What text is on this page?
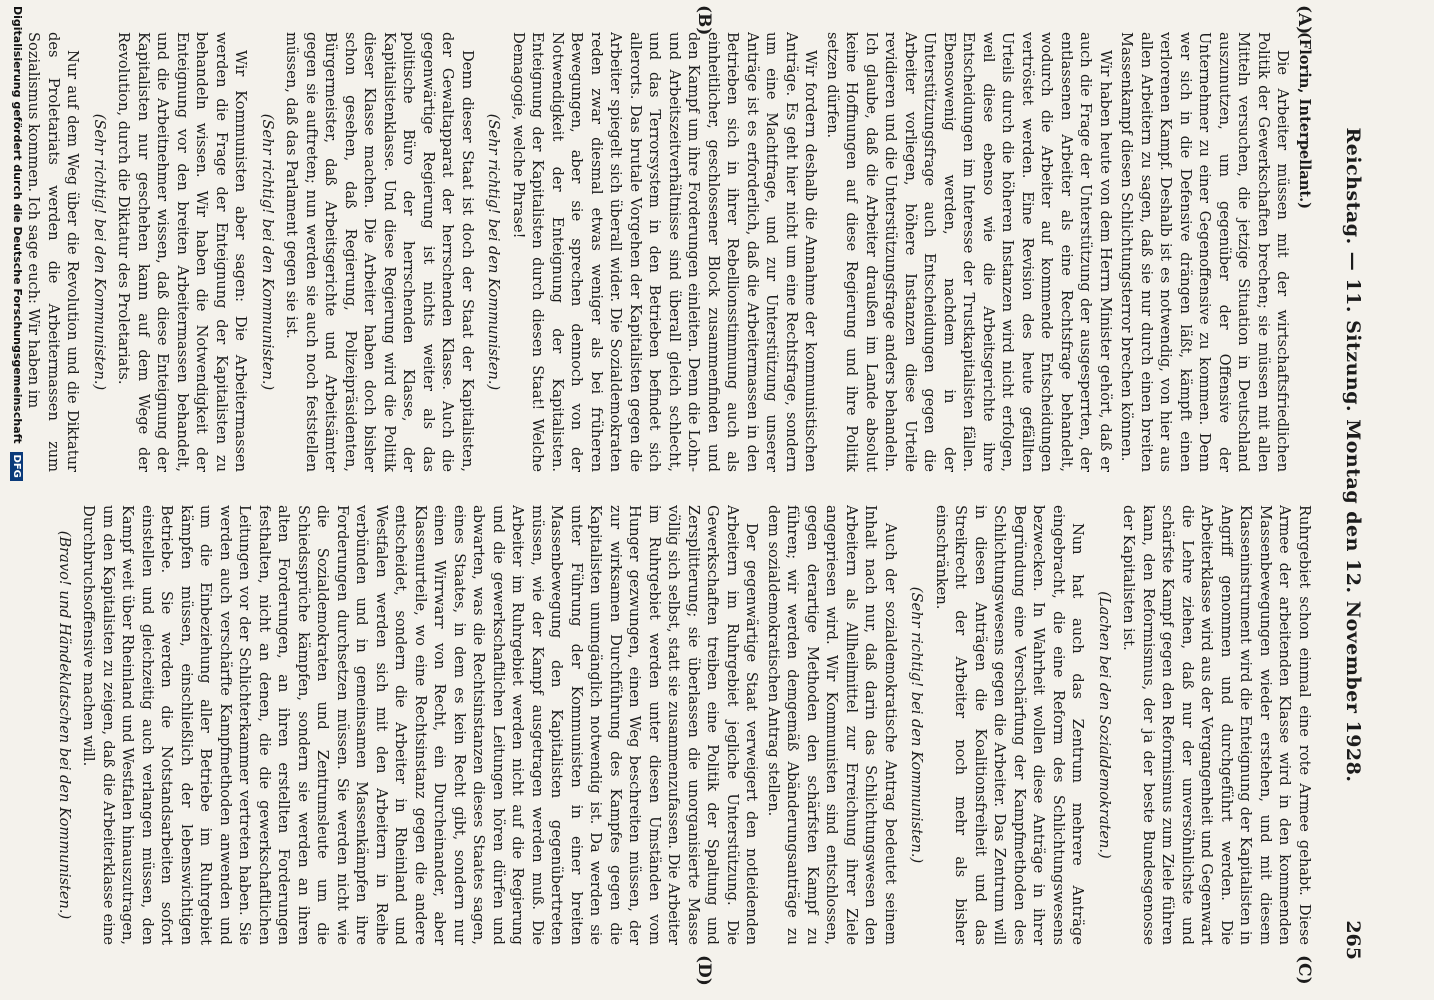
Reichstag. — 11. Sitzung. Montag den 12. November 1928.
265
(A)
(B)
(C)
(D)

(Florin, Interpellant.)

Die Arbeiter müssen mit der wirtschaftsfriedlichen Politik der Gewerkschaften brechen; sie müssen mit allen Mitteln versuchen, die jetzige Situation in Deutschland auszunutzen, um gegenüber der Offensive der Unternehmer zu einer Gegenoffensive zu kommen. Denn wer sich in die Defensive drängen läßt, kämpft einen verlorenen Kampf. Deshalb ist es notwendig, von hier aus allen Arbeitern zu sagen, daß sie nur durch einen breiten Massenkampf diesen Schlichtungsterror brechen können.

Wir haben heute von dem Herrn Minister gehört, daß er auch die Frage der Unterstützung der ausgesperrten, der entlassenen Arbeiter als eine Rechtsfrage behandelt, wodurch die Arbeiter auf kommende Entscheidungen vertröstet werden. Eine Revision des heute gefällten Urteils durch die höheren Instanzen wird nicht erfolgen, weil diese ebenso wie die Arbeitsgerichte ihre Entscheidungen im Interesse der Trustkapitalisten fällen. Ebensowenig werden, nachdem in der Unterstützungsfrage auch Entscheidungen gegen die Arbeiter vorliegen, höhere Instanzen diese Urteile revidieren und die Unterstützungsfrage anders behandeln. Ich glaube, daß die Arbeiter draußen im Lande absolut keine Hoffnungen auf diese Regierung und ihre Politik setzen dürfen.

Wir fordern deshalb die Annahme der kommunistischen Anträge. Es geht hier nicht um eine Rechtsfrage, sondern um eine Machtfrage, und zur Unterstützung unserer Anträge ist es erforderlich, daß die Arbeitermassen in den Betrieben sich in ihrer Rebellionsstimmung auch als einheitlicher, geschlossener Block zusammenfinden und den Kampf um ihre Forderungen einleiten. Denn die Lohn- und Arbeitszeitverhältnisse sind überall gleich schlecht, und das Terrorsystem in den Betrieben befindet sich allerorts. Das brutale Vorgehen der Kapitalisten gegen die Arbeiter spiegelt sich überall wider. Die Sozialdemokraten reden zwar diesmal etwas weniger als bei früheren Bewegungen, aber sie sprechen dennoch von der Notwendigkeit der Enteignung der Kapitalisten. Enteignung der Kapitalisten durch diesen Staat! Welche Demagogie, welche Phrase!

(Sehr richtig! bei den Kommunisten.)

Denn dieser Staat ist doch der Staat der Kapitalisten, der Gewaltapparat der herrschenden Klasse. Auch die gegenwärtige Regierung ist nichts weiter als das politische Büro der herrschenden Klasse, der Kapitalistenklasse. Und diese Regierung wird die Politik dieser Klasse machen. Die Arbeiter haben doch bisher schon gesehen, daß Regierung, Polizeipräsidenten, Bürgermeister, daß Arbeitsgerichte und Arbeitsämter gegen sie auftreten; nun werden sie auch noch feststellen müssen, daß das Parlament gegen sie ist.

(Sehr richtig! bei den Kommunisten.)

Wir Kommunisten aber sagen: Die Arbeitermassen werden die Frage der Enteignung der Kapitalisten zu behandeln wissen. Wir haben die Notwendigkeit der Enteignung vor den breiten Arbeitermassen behandelt, und die Arbeitnehmer wissen, daß diese Enteignung der Kapitalisten nur geschehen kann auf dem Wege der Revolution, durch die Diktatur des Proletariats.

(Sehr richtig! bei den Kommunisten.)

Nur auf dem Weg über die Revolution und die Diktatur des Proletariats werden die Arbeitermassen zum Sozialismus kommen. Ich sage euch: Wir haben im

Ruhrgebiet schon einmal eine rote Armee gehabt. Diese Armee der arbeitenden Klasse wird in den kommenden Massenbewegungen wieder erstehen, und mit diesem Klasseninstrument wird die Enteignung der Kapitalisten in Angriff genommen und durchgeführt werden. Die Arbeiterklasse wird aus der Vergangenheit und Gegenwart die Lehre ziehen, daß nur der unversöhnlichste und schärfste Kampf gegen den Reformismus zum Ziele führen kann, den Reformismus, der ja der beste Bundesgenosse der Kapitalisten ist.

(Lachen bei den Sozialdemokraten.)

Nun hat auch das Zentrum mehrere Anträge eingebracht, die eine Reform des Schlichtungswesens bezwecken. In Wahrheit wollen diese Anträge in ihrer Begründung eine Verschärfung der Kampfmethoden des Schlichtungswesens gegen die Arbeiter. Das Zentrum will in diesen Anträgen die Koalitionsfreiheit und das Streikrecht der Arbeiter noch mehr als bisher einschränken.

(Sehr richtig! bei den Kommunisten.)

Auch der sozialdemokratische Antrag bedeutet seinem Inhalt nach nur, daß darin das Schlichtungswesen den Arbeitern als Allheilmittel zur Erreichung ihrer Ziele angepriesen wird. Wir Kommunisten sind entschlossen, gegen derartige Methoden den schärfsten Kampf zu führen; wir werden demgemäß Abänderungsanträge zu dem sozialdemokratischen Antrag stellen.

Der gegenwärtige Staat verweigert den notleidenden Arbeitern im Ruhrgebiet jegliche Unterstützung. Die Gewerkschaften treiben eine Politik der Spaltung und Zersplitterung; sie überlassen die unorganisierte Masse völlig sich selbst, statt sie zusammenzufassen. Die Arbeiter im Ruhrgebiet werden unter diesen Umständen vom Hunger gezwungen, einen Weg beschreiten müssen, der zur wirksamen Durchführung des Kampfes gegen die Kapitalisten unumgänglich notwendig ist. Da werden sie unter Führung der Kommunisten in einer breiten Massenbewegung den Kapitalisten gegenübertreten müssen, wie der Kampf ausgetragen werden muß. Die Arbeiter im Ruhrgebiet werden nicht auf die Regierung und die gewerkschaftlichen Leitungen hören dürfen und abwarten, was die Rechtsinstanzen dieses Staates sagen, eines Staates, in dem es kein Recht gibt, sondern nur einen Wirrwarr von Recht, ein Durcheinander, aber Klassenurteile, wo eine Rechtsinstanz gegen die andere entscheidet, sondern die Arbeiter in Rheinland und Westfalen werden sich mit den Arbeitern in Reihe verbünden und in gemeinsamen Massenkämpfen ihre Forderungen durchsetzen müssen. Sie werden nicht wie die Sozialdemokraten und Zentrumsleute um die Schiedssprüche kämpfen, sondern sie werden an ihren alten Forderungen, an ihren erstellten Forderungen festhalten, nicht an denen, die die gewerkschaftlichen Leitungen vor der Schlichterkammer vertreten haben. Sie werden auch verschärfte Kampfmethoden anwenden und um die Einbeziehung aller Betriebe im Ruhrgebiet kämpfen müssen, einschließlich der lebenswichtigen Betriebe. Sie werden die Notstandsarbeiten sofort einstellen und gleichzeitig auch verlangen müssen, den Kampf weit über Rheinland und Westfalen hinauszutragen, um den Kapitalisten zu zeigen, daß die Arbeiterklasse eine Durchbruchsoffensive machen will.

(Bravo! und Händeklatschen bei den Kommunisten.)

Digitalisierung gefördert durch die Deutsche Forschungsgemeinschaft DFG
